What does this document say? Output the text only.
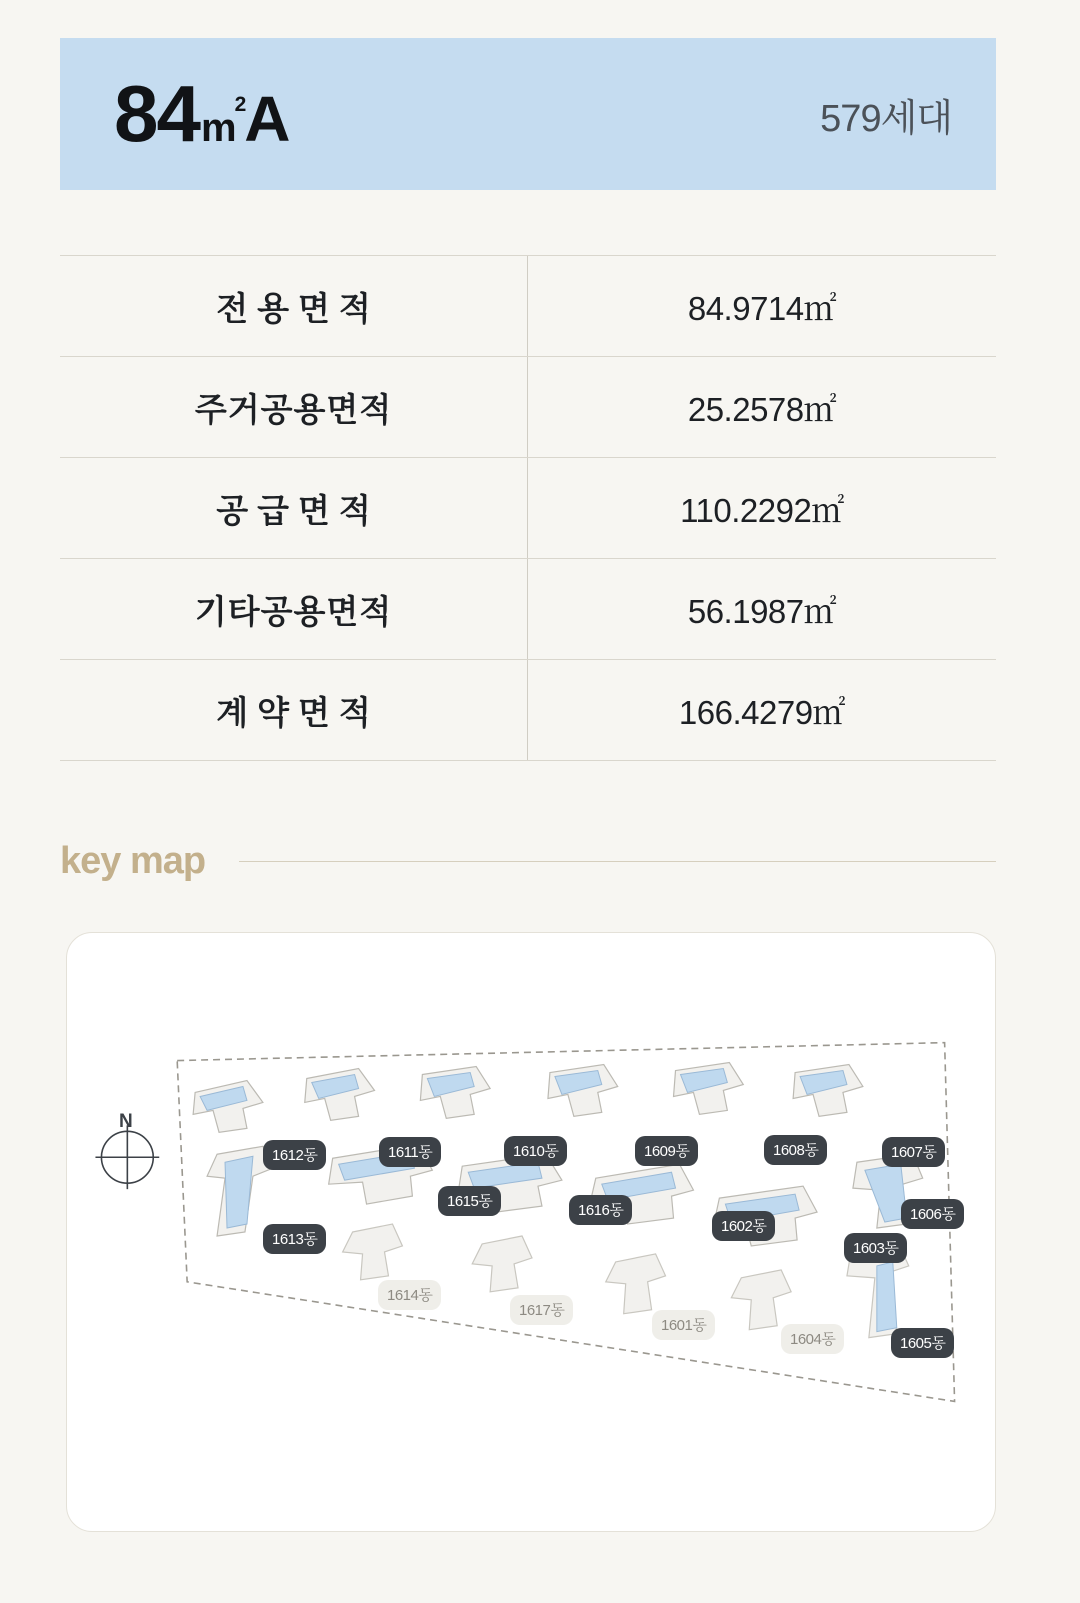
84 $m^2$
A	579세대
전용면적	84.9714㎡
주거공용면적	25.2578㎡
공급면적	110.2292㎡
기타공용면적	56.1987㎡
계약면적	166.4279㎡
key map
N
1612동	1611동	1610동	1609동	1608동	1607동
1615동
1616동
1602동
1606동
1613동
1603동
1614동
1617동
1601동
1604동	1605동
